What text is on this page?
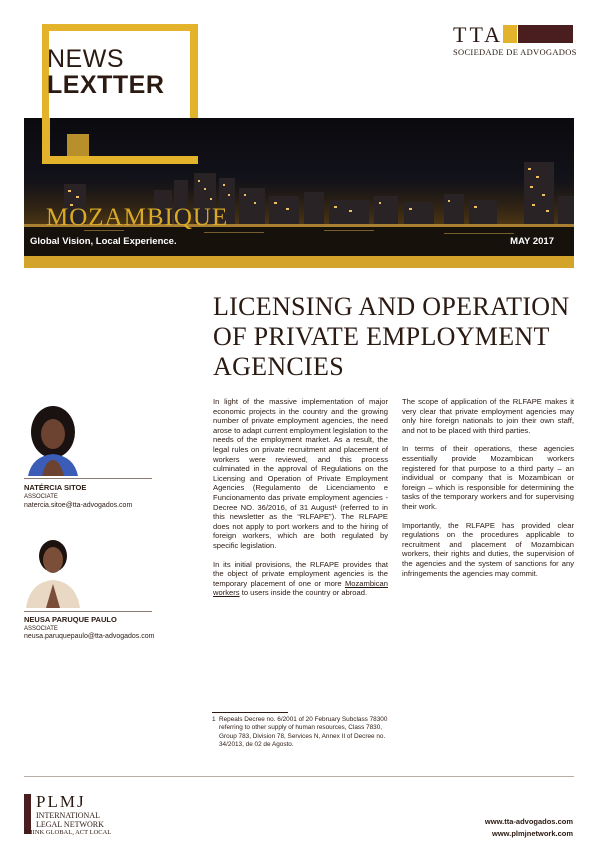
NEWS
LEXTTER
TTA
SOCIEDADE DE ADVOGADOS
MOZAMBIQUE
Global Vision, Local Experience.	MAY 2017
LICENSING AND OPERATION OF PRIVATE EMPLOYMENT AGENCIES
NATÉRCIA SITOE
ASSOCIATE
natercia.sitoe@tta-advogados.com
NEUSA PARUQUE PAULO
ASSOCIATE
neusa.paruquepaulo@tta-advogados.com

In light of the massive implementation of major economic projects in the country and the growing number of private employment agencies, the need arose to adapt current employment legislation to the needs of the employment market. As a result, the legal rules on private recruitment and placement of workers were reviewed, and this process culminated in the approval of Regulations on the Licensing and Operation of Private Employment Agencies (Regulamento de Licenciamento e Funcionamento das private employment agencies - Decree NO. 36/2016, of 31 August¹ (referred to in this newsletter as the “RLFAPE”). The RLFAPE does not apply to port workers and to the hiring of foreign workers, which are both regulated by specific legislation.

In its initial provisions, the RLFAPE provides that the object of private employment agencies is the temporary placement of one or more Mozambican workers to users inside the country or abroad.

The scope of application of the RLFAPE makes it very clear that private employment agencies may only hire foreign nationals to join their own staff, and not to be placed with third parties.

In terms of their operations, these agencies essentially provide Mozambican workers registered for that purpose to a third party – an individual or company that is Mozambican or foreign – which is responsible for determining the tasks of the temporary workers and for supervising their work.

Importantly, the RLFAPE has provided clear regulations on the procedures applicable to recruitment and placement of Mozambican workers, their rights and duties, the supervision of the agencies and the system of sanctions for any infringements the agencies may commit.

1 Repeals Decree no. 6/2001 of 20 February Subclass 78300 referring to other supply of human resources, Class 7830, Group 783, Division 78, Services N, Annex II of Decree no. 34/2013, de 02 de Agosto.
PLMJ
INTERNATIONAL
LEGAL NETWORK
THINK GLOBAL, ACT LOCAL
www.tta-advogados.com
www.plmjnetwork.com
